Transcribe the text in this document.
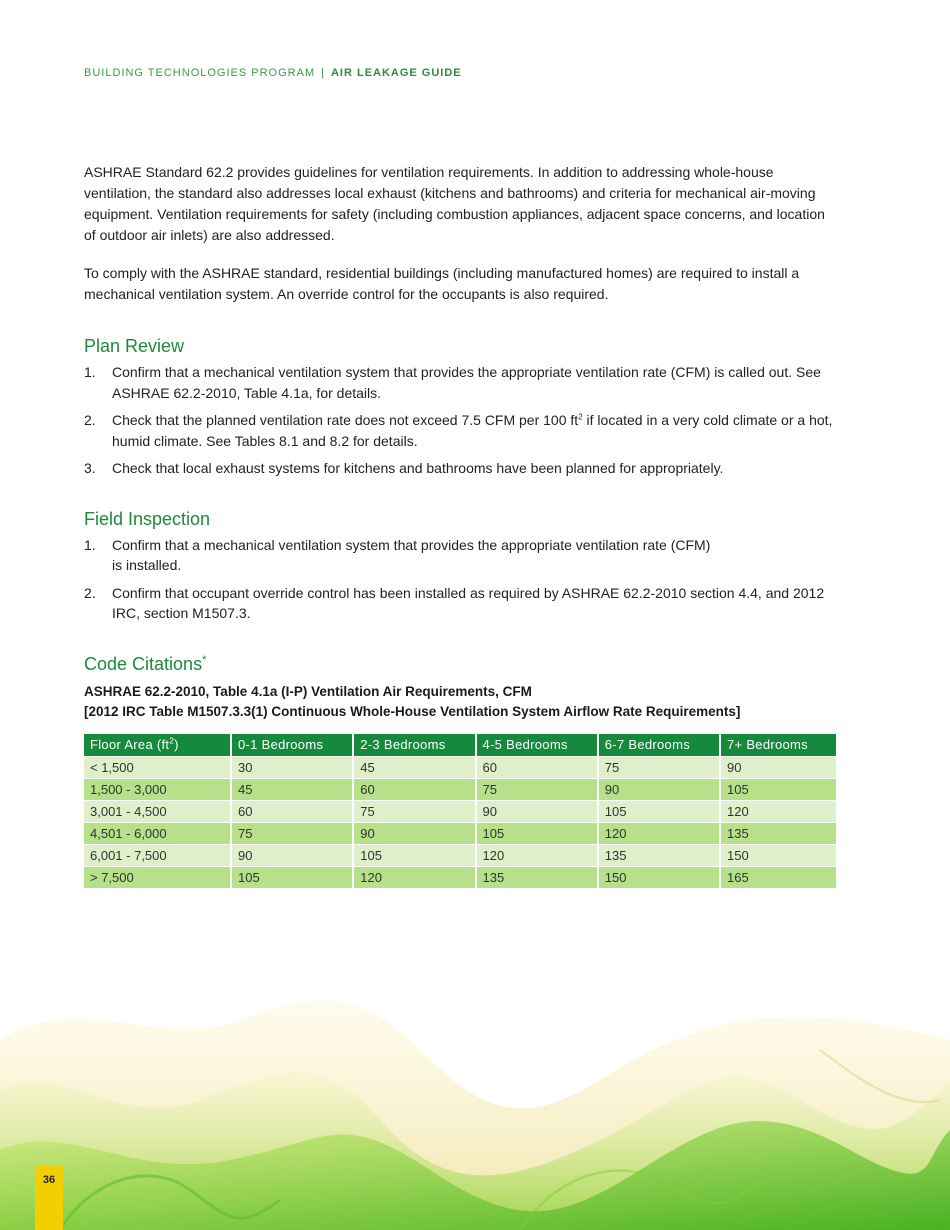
BUILDING TECHNOLOGIES PROGRAM | AIR LEAKAGE GUIDE

ASHRAE Standard 62.2 provides guidelines for ventilation requirements. In addition to addressing whole-house ventilation, the standard also addresses local exhaust (kitchens and bathrooms) and criteria for mechanical air-moving equipment. Ventilation requirements for safety (including combustion appliances, adjacent space concerns, and location of outdoor air inlets) are also addressed.

To comply with the ASHRAE standard, residential buildings (including manufactured homes) are required to install a mechanical ventilation system. An override control for the occupants is also required.

Plan Review
1.	Confirm that a mechanical ventilation system that provides the appropriate ventilation rate (CFM) is called out. See ASHRAE 62.2-2010, Table 4.1a, for details.
2.	Check that the planned ventilation rate does not exceed 7.5 CFM per 100 $ft^2$ if located in a very cold climate or a hot, humid climate. See Tables 8.1 and 8.2 for details.
3.	Check that local exhaust systems for kitchens and bathrooms have been planned for appropriately.
Field Inspection
1.	Confirm that a mechanical ventilation system that provides the appropriate ventilation rate (CFM)
is installed.
2.	Confirm that occupant override control has been installed as required by ASHRAE 62.2-2010 section 4.4, and 2012 IRC, section M1507.3.
Code Citations*
ASHRAE 62.2-2010, Table 4.1a (I-P) Ventilation Air Requirements, CFM
[2012 IRC Table M1507.3.3(1) Continuous Whole-House Ventilation System Airflow Rate Requirements]
Floor Area $(ft^2)$	0-1 Bedrooms	2-3 Bedrooms	4-5 Bedrooms	6-7 Bedrooms	7+ Bedrooms
< 1,500	30	45	60	75	90
1,500 - 3,000	45	60	75	90	105
3,001 - 4,500	60	75	90	105	120
4,501 - 6,000	75	90	105	120	135
6,001 - 7,500	90	105	120	135	150
> 7,500	105	120	135	150	165
36
